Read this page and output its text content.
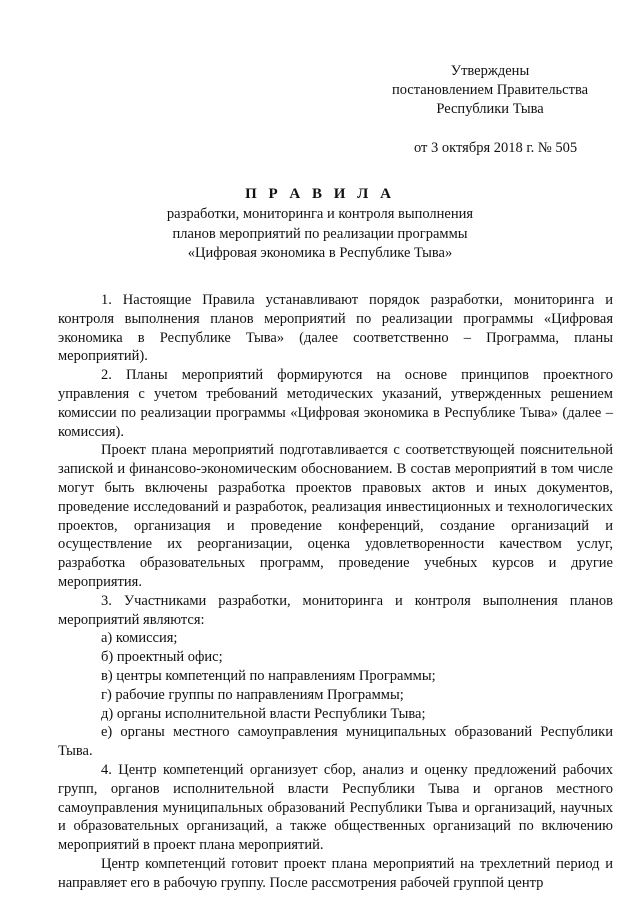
Утверждены
постановлением Правительства
Республики Тыва
от 3 октября 2018 г. № 505
П Р А В И Л А
разработки, мониторинга и контроля выполнения
планов мероприятий по реализации программы
«Цифровая экономика в Республике Тыва»

1. Настоящие Правила устанавливают порядок разработки, мониторинга и контроля выполнения планов мероприятий по реализации программы «Цифровая экономика в Республике Тыва» (далее соответственно – Программа, планы мероприятий).

2. Планы мероприятий формируются на основе принципов проектного управления с учетом требований методических указаний, утвержденных решением комиссии по реализации программы «Цифровая экономика в Республике Тыва» (далее – комиссия).

Проект плана мероприятий подготавливается с соответствующей пояснительной запиской и финансово-экономическим обоснованием. В состав мероприятий в том числе могут быть включены разработка проектов правовых актов и иных документов, проведение исследований и разработок, реализация инвестиционных и технологических проектов, организация и проведение конференций, создание организаций и осуществление их реорганизации, оценка удовлетворенности качеством услуг, разработка образовательных программ, проведение учебных курсов и другие мероприятия.

3. Участниками разработки, мониторинга и контроля выполнения планов мероприятий являются:

а) комиссия;

б) проектный офис;

в) центры компетенций по направлениям Программы;

г) рабочие группы по направлениям Программы;

д) органы исполнительной власти Республики Тыва;

е) органы местного самоуправления муниципальных образований Республики Тыва.

4. Центр компетенций организует сбор, анализ и оценку предложений рабочих групп, органов исполнительной власти Республики Тыва и органов местного самоуправления муниципальных образований Республики Тыва и организаций, научных и образовательных организаций, а также общественных организаций по включению мероприятий в проект плана мероприятий.

Центр компетенций готовит проект плана мероприятий на трехлетний период и направляет его в рабочую группу. После рассмотрения рабочей группой центр
